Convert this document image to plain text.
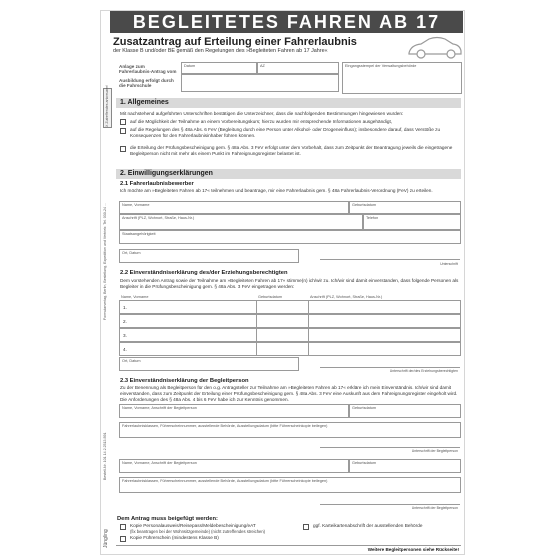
BEGLEITETES FAHREN AB 17
Zusatzantrag auf Erteilung einer Fahrerlaubnis
der Klasse B und/oder BE gemäß den Regelungen des »Begleiteten Fahren ab 17 Jahre«
Anlage zum Fahrerlaubnis-Antrag vom
Ausbildung erfolgt durch die Fahrschule
Datum	AZ	Eingangsstempel der Verwaltungsbehörde
X Zutreffendes ankreuzen!
Formularverlag, Berlin, Bestellung, Expedition und Vertrieb: Tel. 030-24 ...
Bestell-Nr. 101 14 2 2513 891
Jüngling
1. Allgemeines
Mit nachstehend aufgeführten Unterschriften bestätigen die Unterzeichner, dass die nachfolgenden Bestimmungen hingewiesen wurden:
auf die Möglichkeit der Teilnahme an einem Vorbereitungskurs; hierzu wurden mir entsprechende Informationen ausgehändigt,
auf die Regelungen des § 48a Abs. 6 FeV (Begleitung durch eine Person unter Alkohol- oder Drogeneinfluss); insbesondere darauf, dass Verstöße zu Konsequenzen für den Fahrerlaubnisinhaber führen können.
die Erteilung der Prüfungsbescheinigung gem. § 48a Abs. 3 FeV erfolgt unter dem Vorbehalt, dass zum Zeitpunkt der Beantragung jeweils die eingetragene Begleitperson nicht mit mehr als einem Punkt im Fahreignungsregister belastet ist.
2. Einwilligungserklärungen
2.1 Fahrerlaubnisbewerber
Ich möchte am »Begleiteten Fahren ab 17« teilnehmen und beantrage, mir eine Fahrerlaubnis gem. § 48a Fahrerlaubnis-Verordnung (FeV) zu erteilen.
Name, Vorname	Geburtsdatum
Anschrift (PLZ, Wohnort, Straße, Haus-Nr.)	Telefon
Staatsangehörigkeit
Ort, Datum
Unterschrift
2.2 Einverständniserklärung des/der Erziehungsberechtigten
Dem vorstehenden Antrag sowie der Teilnahme am »Begleiteten Fahren ab 17« stimme(n) ich/wir zu. Ich/wir sind damit einverstanden, dass folgende Personen als Begleiter in die Prüfungsbescheinigung gem. § 48a Abs. 3 FeV eingetragen werden:
Name, Vorname	Geburtsdatum	Anschrift (PLZ, Wohnort, Straße, Haus-Nr.)
1.
2.
3.
4.
Ort, Datum
Unterschrift der/des Erziehungsberechtigten
2.3 Einverständniserklärung der Begleitperson
Zu der Benennung als Begleitperson für den o.g. Antragsteller zur Teilnahme am »Begleiteten Fahren ab 17« erkläre ich mein Einverständnis. Ich/wir sind damit einverstanden, dass zum Zeitpunkt der Erteilung einer Prüfungsbescheinigung gem. § 48a Abs. 3 FeV eine Auskunft aus dem Fahreignungsregister eingeholt wird. Die Anforderungen des § 48a Abs. 4 bis 6 FeV habe ich zur Kenntnis genommen.
Name, Vorname, Anschrift der Begleitperson	Geburtsdatum
Fahrerlaubnisklassen, Führerscheinnummer, ausstellende Behörde, Ausstellungsdatum (bitte Führerscheinkopie beilegen)
Unterschrift der Begleitperson
Name, Vorname, Anschrift der Begleitperson	Geburtsdatum
Fahrerlaubnisklassen, Führerscheinnummer, ausstellende Behörde, Ausstellungsdatum (bitte Führerscheinkopie beilegen)
Unterschrift der Begleitperson
Dem Antrag muss beigefügt werden:
Kopie Personalausweis/Reisepass/Meldebescheinigung/eAT
(fix beantragen bei der Wohnsitzgemeinde) (nicht zutreffendes streichen)
Kopie Führerschein (mindestens Klasse B)
ggf. Karteikartenabschrift der ausstellenden Behörde
Weitere Begleitpersonen siehe Rückseite!
